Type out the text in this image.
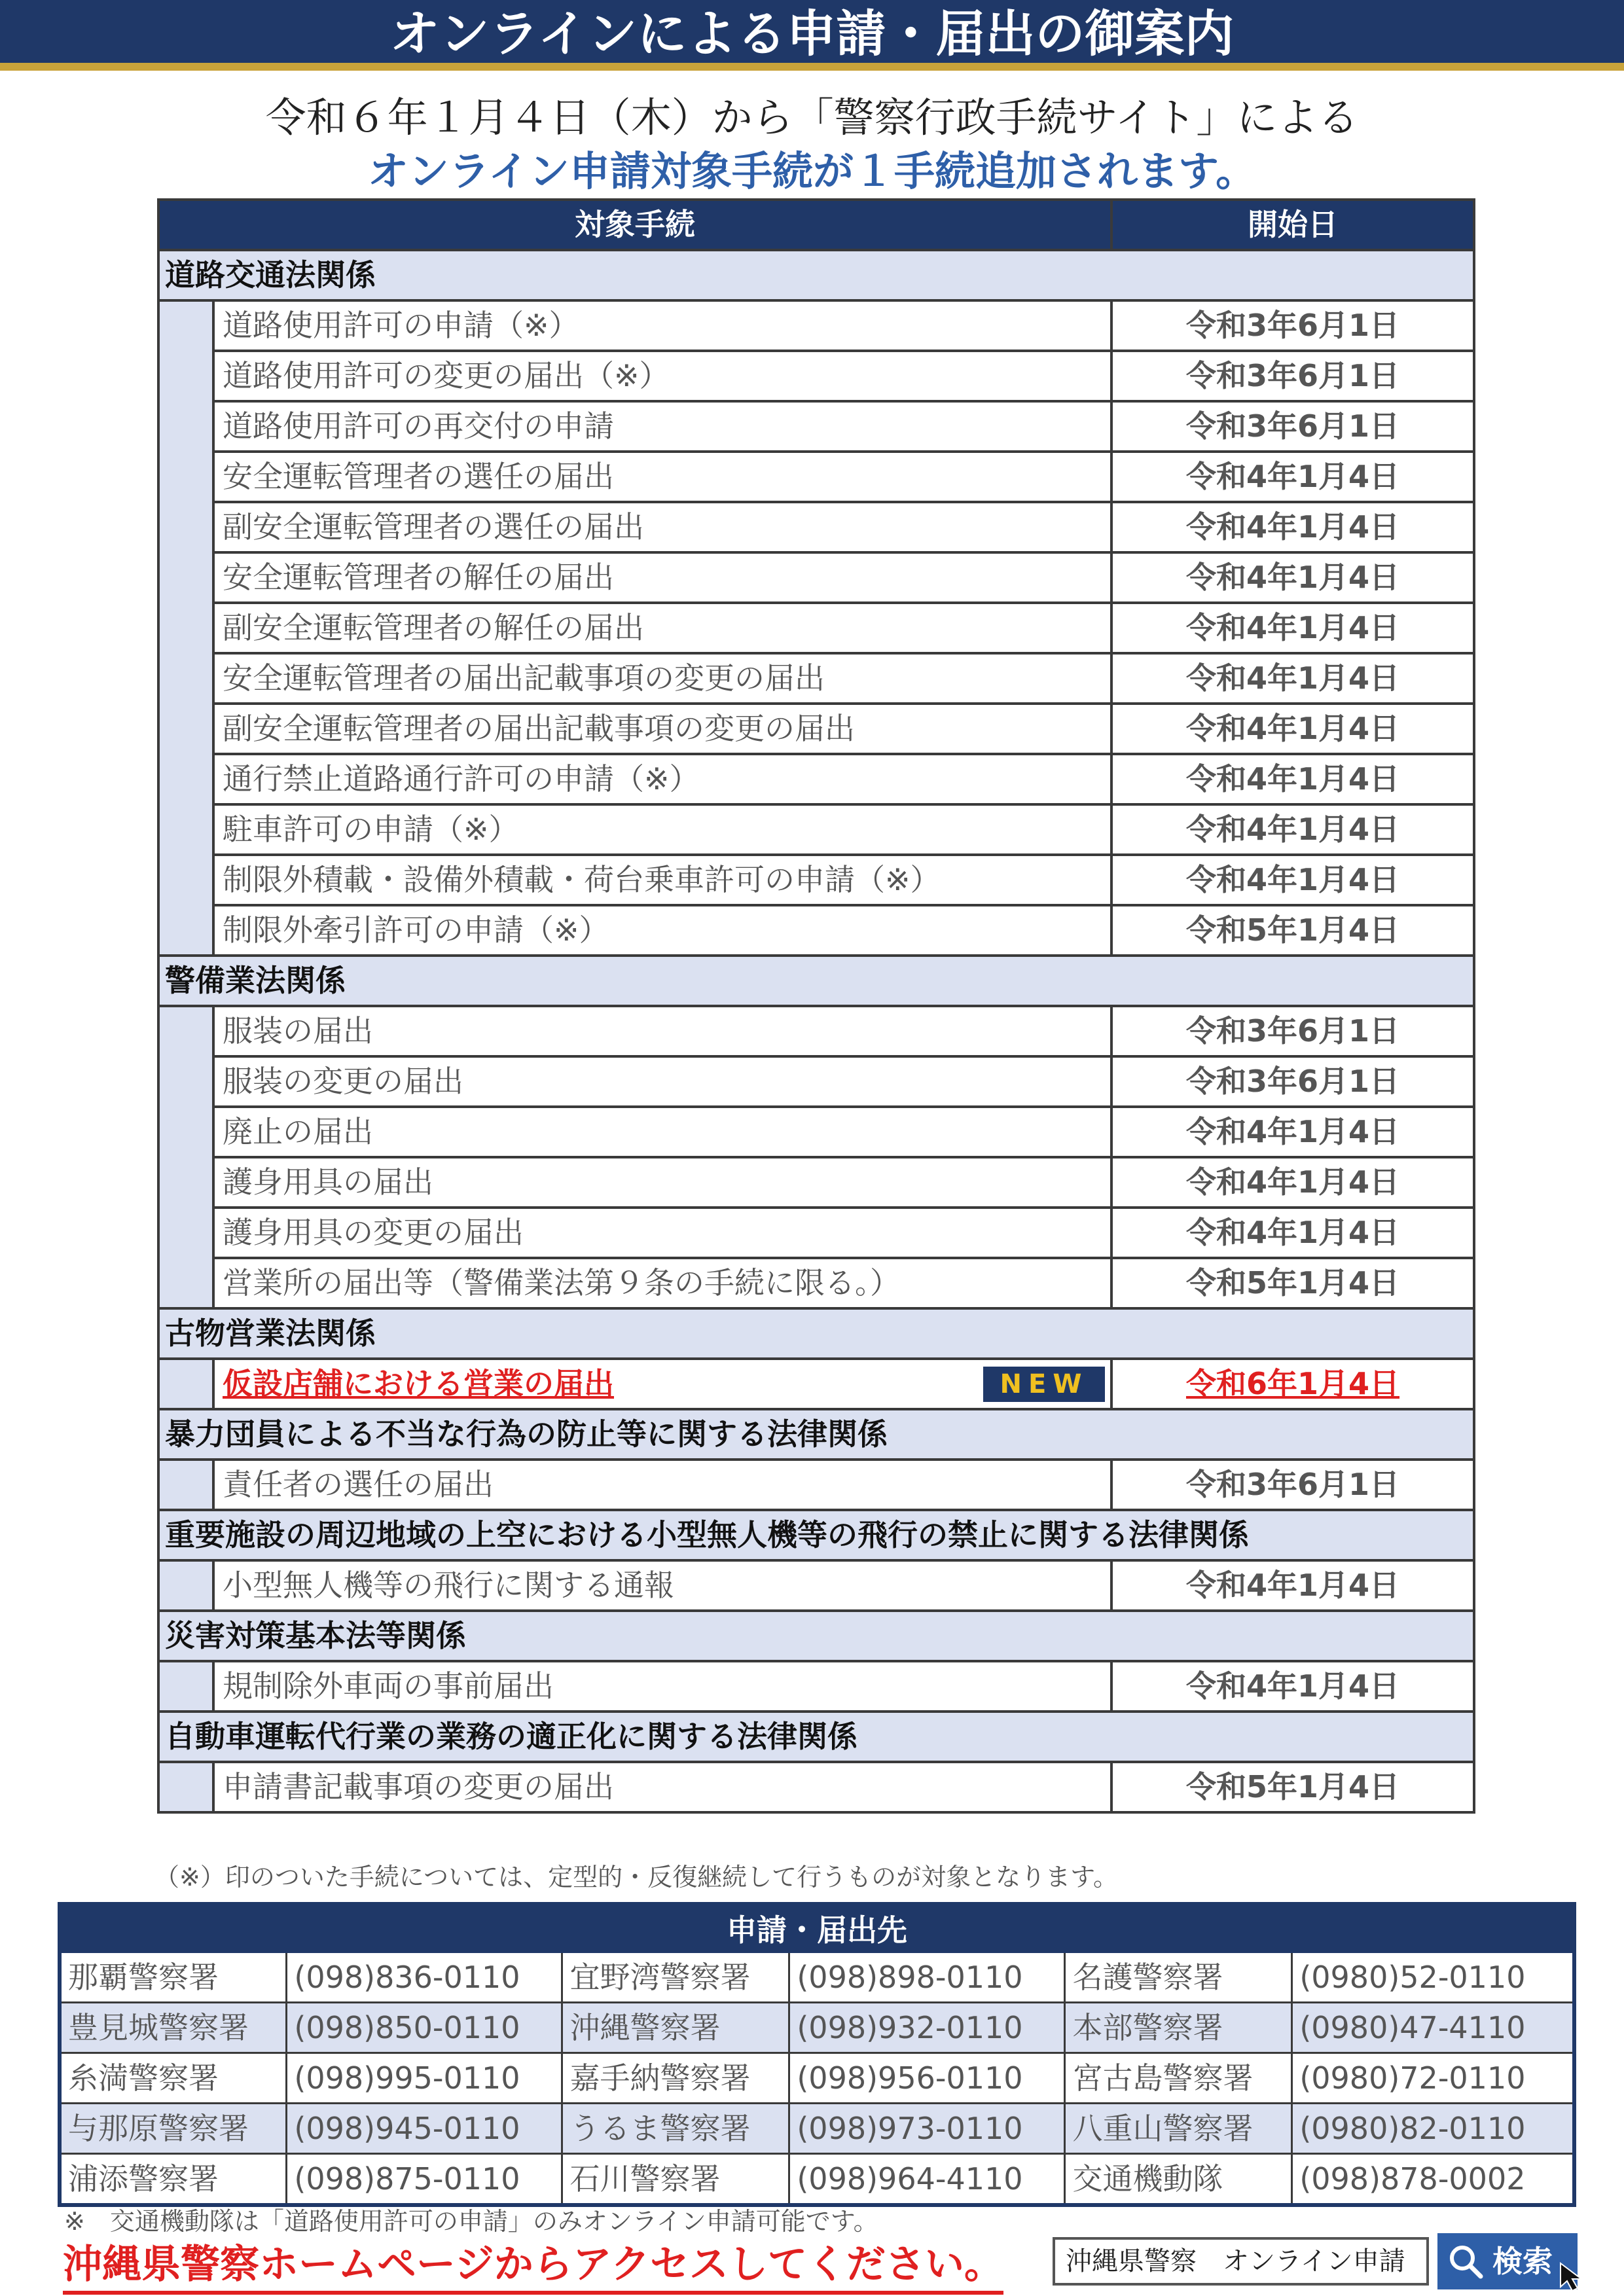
オンラインによる申請・届出の御案内
令和６年１月４日（木）から「警察行政手続サイト」による
オンライン申請対象手続が１手続追加されます。
対象手続		開始日
道路交通法関係		
	道路使用許可の申請（※）	令和3年6月1日
	道路使用許可の変更の届出（※）	令和3年6月1日
	道路使用許可の再交付の申請	令和3年6月1日
	安全運転管理者の選任の届出	令和4年1月4日
	副安全運転管理者の選任の届出	令和4年1月4日
	安全運転管理者の解任の届出	令和4年1月4日
	副安全運転管理者の解任の届出	令和4年1月4日
	安全運転管理者の届出記載事項の変更の届出	令和4年1月4日
	副安全運転管理者の届出記載事項の変更の届出	令和4年1月4日
	通行禁止道路通行許可の申請（※）	令和4年1月4日
	駐車許可の申請（※）	令和4年1月4日
	制限外積載・設備外積載・荷台乗車許可の申請（※）	令和4年1月4日
	制限外牽引許可の申請（※）	令和5年1月4日
警備業法関係		
	服装の届出	令和3年6月1日
	服装の変更の届出	令和3年6月1日
	廃止の届出	令和4年1月4日
	護身用具の届出	令和4年1月4日
	護身用具の変更の届出	令和4年1月4日
	営業所の届出等（警備業法第９条の手続に限る。）	令和5年1月4日
古物営業法関係		
	仮設店舗における営業の届出 NEW	令和6年1月4日
暴力団員による不当な行為の防止等に関する法律関係		
	責任者の選任の届出	令和3年6月1日
重要施設の周辺地域の上空における小型無人機等の飛行の禁止に関する法律関係		
	小型無人機等の飛行に関する通報	令和4年1月4日
災害対策基本法等関係		
	規制除外車両の事前届出	令和4年1月4日
自動車運転代行業の業務の適正化に関する法律関係		
	申請書記載事項の変更の届出	令和5年1月4日
（※）印のついた手続については、定型的・反復継続して行うものが対象となります。
申請・届出先					
那覇警察署	(098)836-0110	宜野湾警察署	(098)898-0110	名護警察署	(0980)52-0110
豊見城警察署	(098)850-0110	沖縄警察署	(098)932-0110	本部警察署	(0980)47-4110
糸満警察署	(098)995-0110	嘉手納警察署	(098)956-0110	宮古島警察署	(0980)72-0110
与那原警察署	(098)945-0110	うるま警察署	(098)973-0110	八重山警察署	(0980)82-0110
浦添警察署	(098)875-0110	石川警察署	(098)964-4110	交通機動隊	(098)878-0002
※　交通機動隊は「道路使用許可の申請」のみオンライン申請可能です。
沖縄県警察ホームページからアクセスしてください。	沖縄県警察　オンライン申請	検索
